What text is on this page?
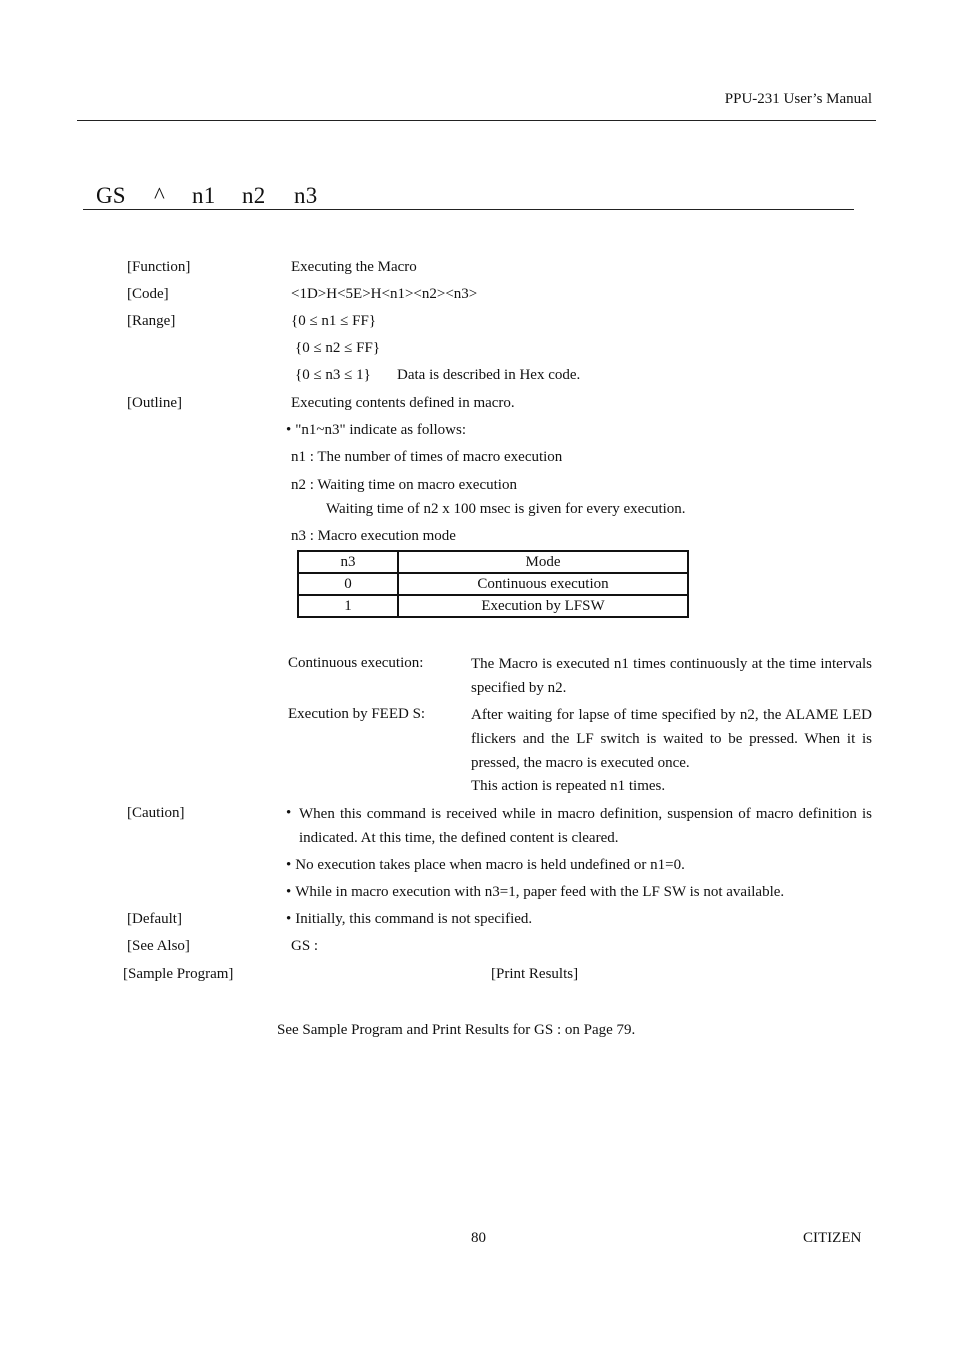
PPU-231 User’s Manual
GS ^ n1 n2 n3
[Function]	Executing the Macro
[Code]	<1D>H<5E>H<n1><n2><n3>
[Range]	{0 ≤ n1 ≤ FF}
{0 ≤ n2 ≤ FF}
{0 ≤ n3 ≤ 1} Data is described in Hex code.
[Outline]	Executing contents defined in macro.
• "n1~n3" indicate as follows:
n1 : The number of times of macro execution
n2 : Waiting time on macro execution
Waiting time of n2 x 100 msec is given for every execution.
n3 : Macro execution mode
n3	Mode
0	Continuous execution
1	Execution by LFSW
Continuous execution:	The Macro is executed n1 times continuously at the time intervals specified by n2.
Execution by FEED S:	After waiting for lapse of time specified by n2, the ALAME LED flickers and the LF switch is waited to be pressed. When it is pressed, the macro is executed once.
This action is repeated n1 times.
[Caution]	• When this command is received while in macro definition, suspension of macro definition is indicated. At this time, the defined content is cleared.
• No execution takes place when macro is held undefined or n1=0.
• While in macro execution with n3=1, paper feed with the LF SW is not available.
[Default]	• Initially, this command is not specified.
[See Also]	GS :
[Sample Program]	[Print Results]
See Sample Program and Print Results for GS : on Page 79.
80	CITIZEN
